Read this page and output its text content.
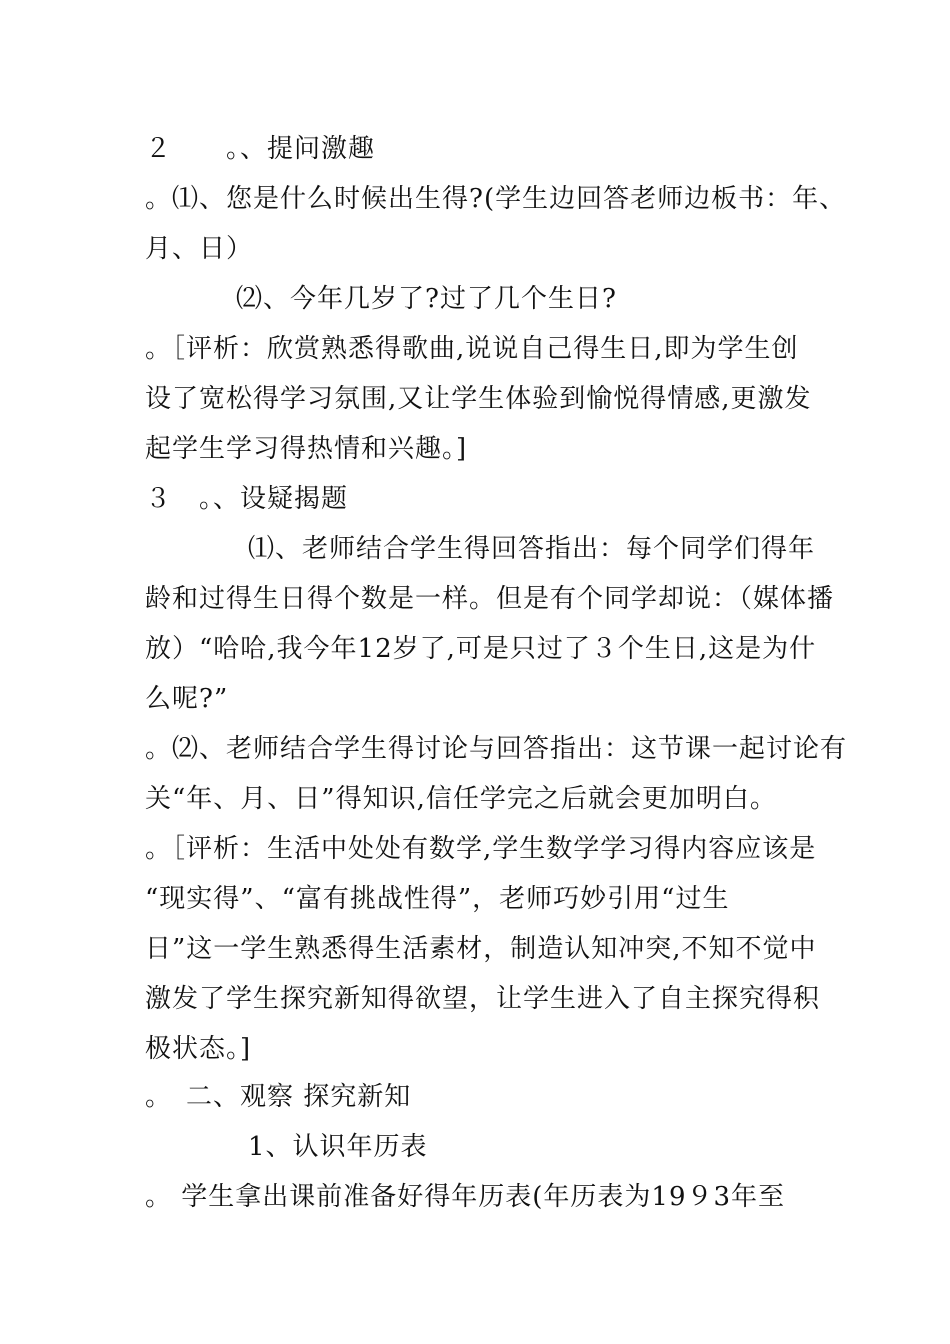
２　　。、提问激趣
。⑴、您是什么时候出生得?(学生边回答老师边板书：年、
月、日）
⑵、今年几岁了?过了几个生日?
。［评析：欣赏熟悉得歌曲,说说自己得生日,即为学生创
设了宽松得学习氛围,又让学生体验到愉悦得情感,更激发
起学生学习得热情和兴趣。]
３　。、设疑揭题
⑴、老师结合学生得回答指出：每个同学们得年
龄和过得生日得个数是一样。但是有个同学却说：（媒体播
放）“哈哈,我今年12岁了,可是只过了３个生日,这是为什
么呢?”
。⑵、老师结合学生得讨论与回答指出：这节课一起讨论有
关“年、月、日”得知识,信任学完之后就会更加明白。
。［评析：生活中处处有数学,学生数学学习得内容应该是
“现实得”、“富有挑战性得”，老师巧妙引用“过生
日”这一学生熟悉得生活素材，制造认知冲突,不知不觉中
激发了学生探究新知得欲望，让学生进入了自主探究得积
极状态。]
。　二、观察 探究新知
1、认识年历表
。 学生拿出课前准备好得年历表(年历表为19９3年至
